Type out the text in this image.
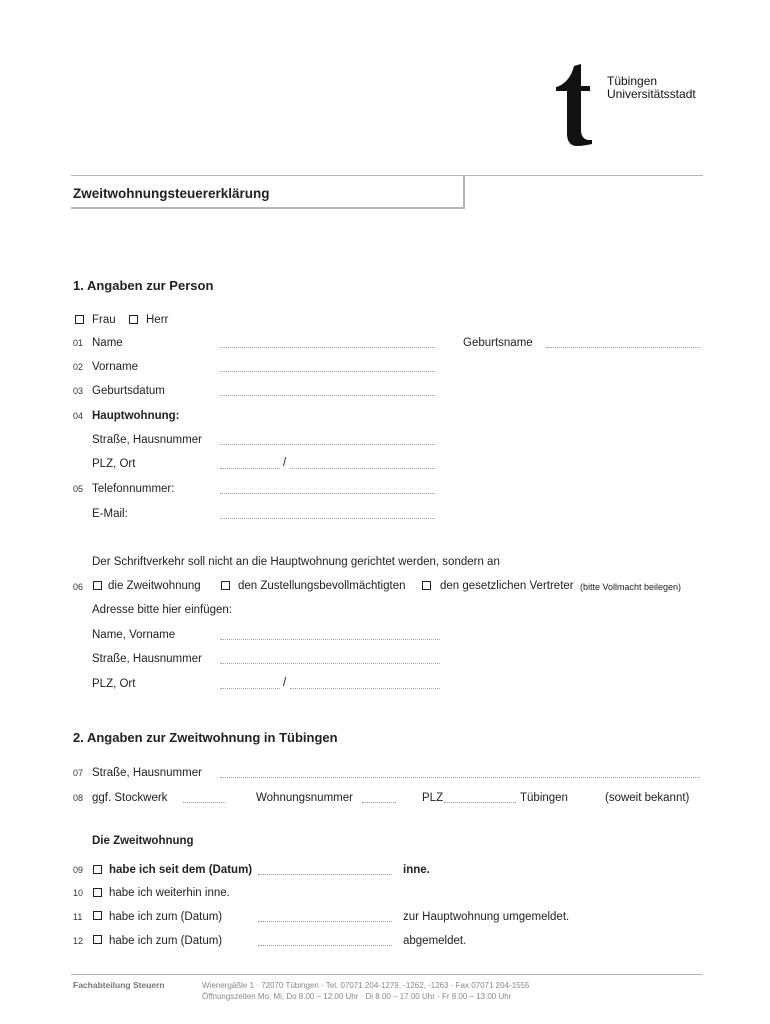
Tübingen
Universitätsstadt
Zweitwohnungsteuererklärung
1. Angaben zur Person
Frau	Herr
01 Name	Geburtsname
02 Vorname
03 Geburtsdatum
04 Hauptwohnung:
Straße, Hausnummer
PLZ, Ort	/
05 Telefonnummer:
E-Mail:
Der Schriftverkehr soll nicht an die Hauptwohnung gerichtet werden, sondern an
06 die Zweitwohnung	den Zustellungsbevollmächtigten	den gesetzlichen Vertreter (bitte Vollmacht beilegen)
Adresse bitte hier einfügen:
Name, Vorname
Straße, Hausnummer
PLZ, Ort	/
2. Angaben zur Zweitwohnung in Tübingen
07 Straße, Hausnummer
08 ggf. Stockwerk	Wohnungsnummer	PLZ	Tübingen	(soweit bekannt)
Die Zweitwohnung
09 habe ich seit dem (Datum)	inne.
10 habe ich weiterhin inne.
11 habe ich zum (Datum)	zur Hauptwohnung umgemeldet.
12 habe ich zum (Datum)	abgemeldet.
Fachabteilung Steuern	Wienergäßle 1 · 72070 Tübingen · Tel. 07071 204-1279, -1262, -1263 · Fax 07071 204-1555
Öffnungszeiten Mo, Mi, Do 8.00 – 12.00 Uhr · Di 8.00 – 17.00 Uhr · Fr 8.00 – 13.00 Uhr
